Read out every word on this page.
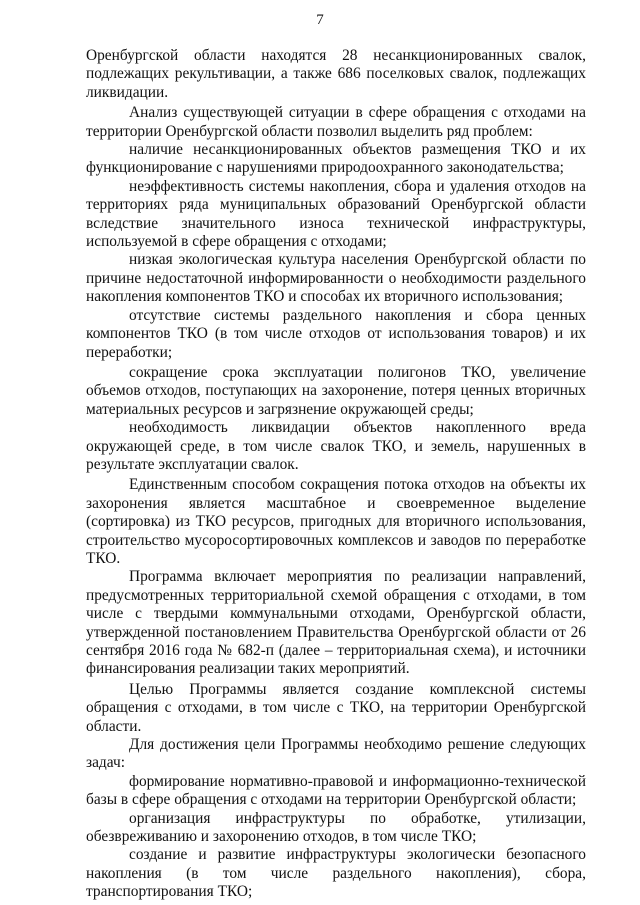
7

Оренбургской области находятся 28 несанкционированных свалок, подлежащих рекультивации, а также 686 поселковых свалок, подлежащих ликвидации.

Анализ существующей ситуации в сфере обращения с отходами на территории Оренбургской области позволил выделить ряд проблем:

наличие несанкционированных объектов размещения ТКО и их функционирование с нарушениями природоохранного законодательства;

неэффективность системы накопления, сбора и удаления отходов на территориях ряда муниципальных образований Оренбургской области вследствие значительного износа технической инфраструктуры, используемой в сфере обращения с отходами;

низкая экологическая культура населения Оренбургской области по причине недостаточной информированности о необходимости раздельного накопления компонентов ТКО и способах их вторичного использования;

отсутствие системы раздельного накопления и сбора ценных компонентов ТКО (в том числе отходов от использования товаров) и их переработки;

сокращение срока эксплуатации полигонов ТКО, увеличение объемов отходов, поступающих на захоронение, потеря ценных вторичных материальных ресурсов и загрязнение окружающей среды;

необходимость ликвидации объектов накопленного вреда окружающей среде, в том числе свалок ТКО, и земель, нарушенных в результате эксплуатации свалок.

Единственным способом сокращения потока отходов на объекты их захоронения является масштабное и своевременное выделение (сортировка) из ТКО ресурсов, пригодных для вторичного использования, строительство мусоросортировочных комплексов и заводов по переработке ТКО.

Программа включает мероприятия по реализации направлений, предусмотренных территориальной схемой обращения с отходами, в том числе с твердыми коммунальными отходами, Оренбургской области, утвержденной постановлением Правительства Оренбургской области от 26 сентября 2016 года № 682-п (далее – территориальная схема), и источники финансирования реализации таких мероприятий.

Целью Программы является создание комплексной системы обращения с отходами, в том числе с ТКО, на территории Оренбургской области.

Для достижения цели Программы необходимо решение следующих задач:

формирование нормативно-правовой и информационно-технической базы в сфере обращения с отходами на территории Оренбургской области;

организация инфраструктуры по обработке, утилизации, обезвреживанию и захоронению отходов, в том числе ТКО;

создание и развитие инфраструктуры экологически безопасного накопления (в том числе раздельного накопления), сбора, транспортирования ТКО;
